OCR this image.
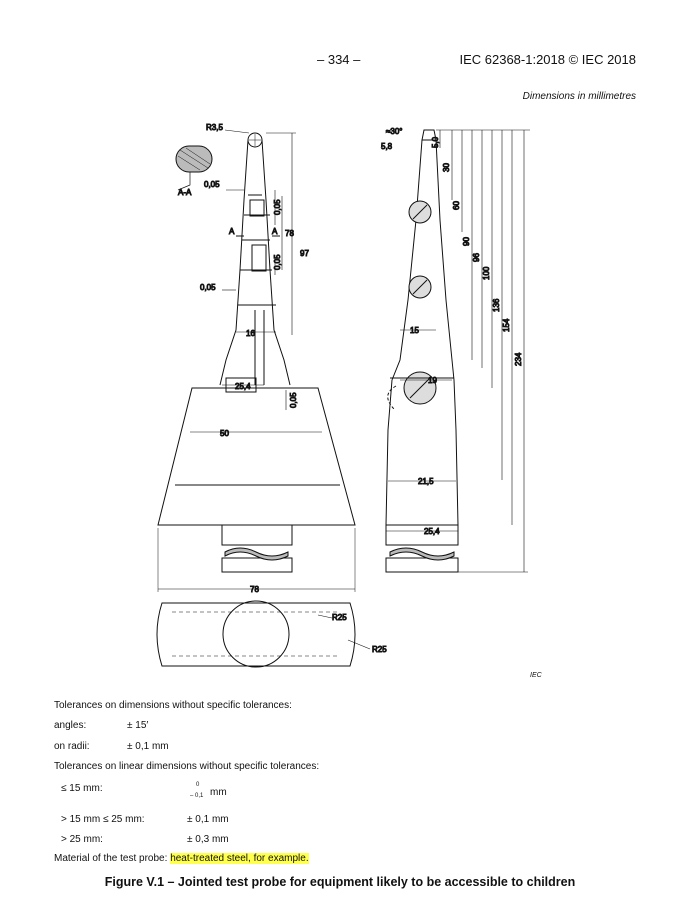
– 334 –	IEC 62368-1:2018 © IEC 2018
Dimensions in millimetres
R3,5
A-A
A	A
0,05
0,05
0,05
0,05
0,05
78
97
16
25,4
50
78
R25
R25
≈30°
5,8	5,0
30
60
90
96
100
136
154
234
15
19
21,5
25,4
IEC
Tolerances on dimensions without specific tolerances:
angles:	± 15′
on radii:	± 0,1 mm
Tolerances on linear dimensions without specific tolerances:
≤ 15 mm:	0
– 0,1 mm
> 15 mm ≤ 25 mm:	± 0,1 mm
> 25 mm:	± 0,3 mm
Material of the test probe: heat-treated steel, for example.
Figure V.1 – Jointed test probe for equipment likely to be accessible to children
